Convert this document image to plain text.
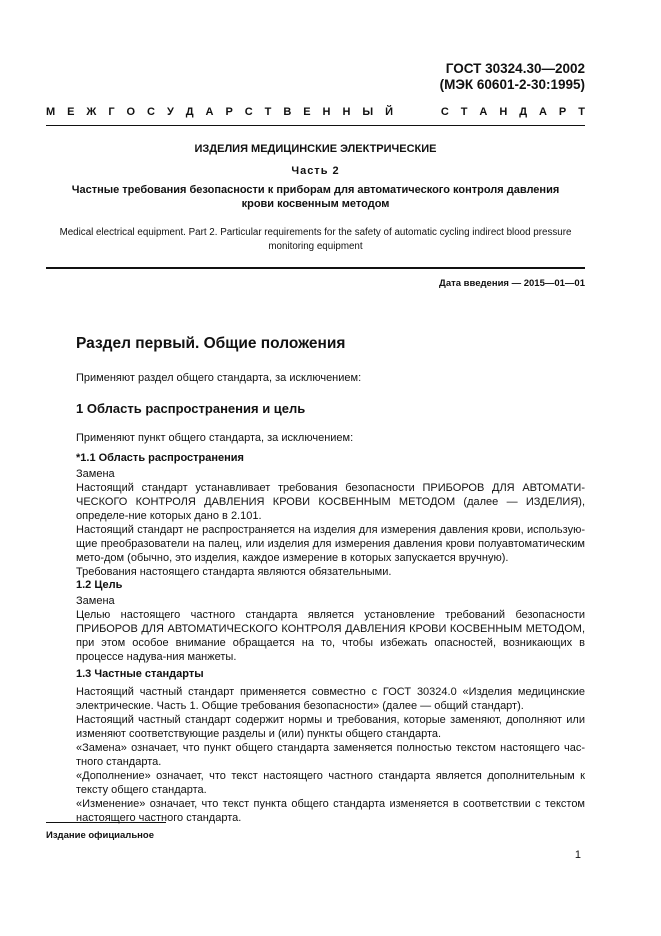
ГОСТ 30324.30—2002
(МЭК 60601-2-30:1995)
М Е Ж Г О С У Д А Р С Т В Е Н Н Ы Й	С Т А Н Д А Р Т
ИЗДЕЛИЯ МЕДИЦИНСКИЕ ЭЛЕКТРИЧЕСКИЕ
Часть 2
Частные требования безопасности к приборам для автоматического контроля давления крови косвенным методом
Medical electrical equipment. Part 2. Particular requirements for the safety of automatic cycling indirect blood pressure monitoring equipment
Дата введения — 2015—01—01
Раздел первый. Общие положения

Применяют раздел общего стандарта, за исключением:

1 Область распространения и цель

Применяют пункт общего стандарта, за исключением:

*1.1 Область распространения

Замена

Настоящий стандарт устанавливает требования безопасности ПРИБОРОВ ДЛЯ АВТОМАТИ-ЧЕСКОГО КОНТРОЛЯ ДАВЛЕНИЯ КРОВИ КОСВЕННЫМ МЕТОДОМ (далее — ИЗДЕЛИЯ), определе-ние которых дано в 2.101.

Настоящий стандарт не распространяется на изделия для измерения давления крови, использую-щие преобразователи на палец, или изделия для измерения давления крови полуавтоматическим мето-дом (обычно, это изделия, каждое измерение в которых запускается вручную).

Требования настоящего стандарта являются обязательными.

1.2 Цель

Замена

Целью настоящего частного стандарта является установление требований безопасности ПРИБОРОВ ДЛЯ АВТОМАТИЧЕСКОГО КОНТРОЛЯ ДАВЛЕНИЯ КРОВИ КОСВЕННЫМ МЕТОДОМ, при этом особое внимание обращается на то, чтобы избежать опасностей, возникающих в процессе надува-ния манжеты.

1.3 Частные стандарты

Настоящий частный стандарт применяется совместно с ГОСТ 30324.0 «Изделия медицинские электрические. Часть 1. Общие требования безопасности» (далее — общий стандарт).

Настоящий частный стандарт содержит нормы и требования, которые заменяют, дополняют или изменяют соответствующие разделы и (или) пункты общего стандарта.

«Замена» означает, что пункт общего стандарта заменяется полностью текстом настоящего час-тного стандарта.

«Дополнение» означает, что текст настоящего частного стандарта является дополнительным к тексту общего стандарта.

«Изменение» означает, что текст пункта общего стандарта изменяется в соответствии с текстом настоящего частного стандарта.

Издание официальное
1
